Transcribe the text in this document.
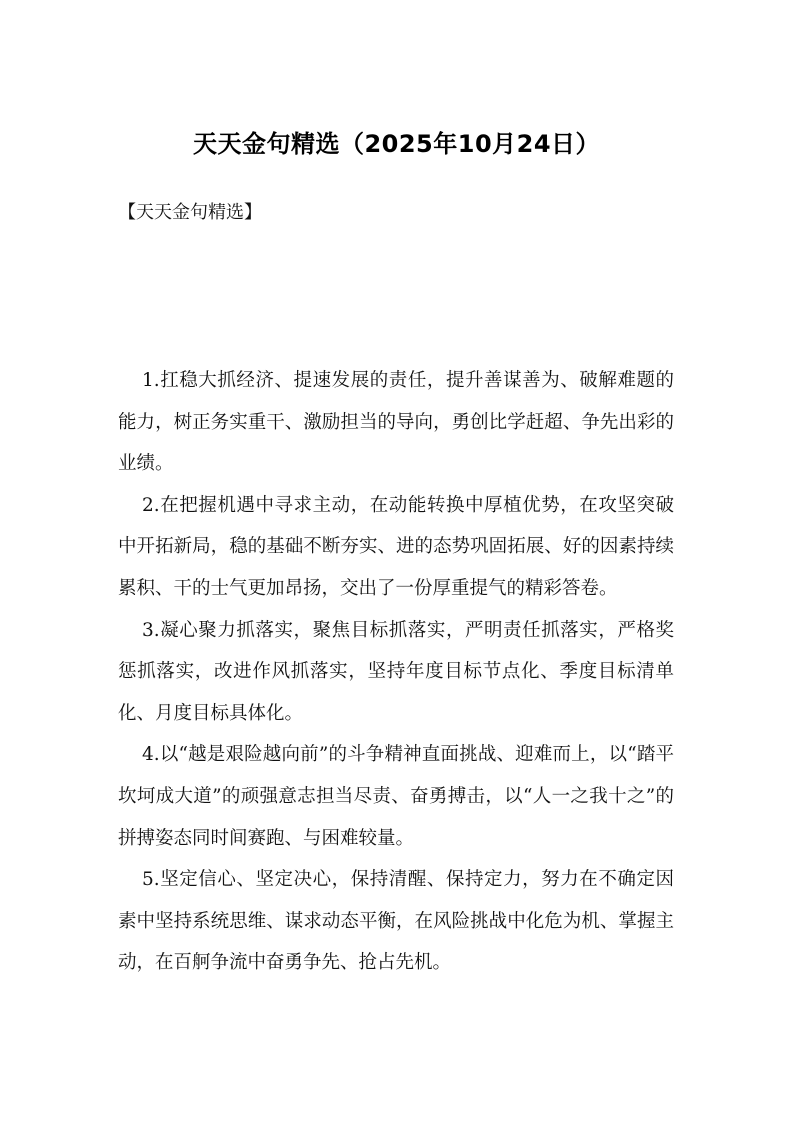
天天金句精选（2025年10月24日）
【天天金句精选】

1.扛稳大抓经济、提速发展的责任，提升善谋善为、破解难题的能力，树正务实重干、激励担当的导向，勇创比学赶超、争先出彩的业绩。

2.在把握机遇中寻求主动，在动能转换中厚植优势，在攻坚突破中开拓新局，稳的基础不断夯实、进的态势巩固拓展、好的因素持续累积、干的士气更加昂扬，交出了一份厚重提气的精彩答卷。

3.凝心聚力抓落实，聚焦目标抓落实，严明责任抓落实，严格奖惩抓落实，改进作风抓落实，坚持年度目标节点化、季度目标清单化、月度目标具体化。

4.以“越是艰险越向前”的斗争精神直面挑战、迎难而上，以“踏平坎坷成大道”的顽强意志担当尽责、奋勇搏击，以“人一之我十之”的拼搏姿态同时间赛跑、与困难较量。

5.坚定信心、坚定决心，保持清醒、保持定力，努力在不确定因素中坚持系统思维、谋求动态平衡，在风险挑战中化危为机、掌握主动，在百舸争流中奋勇争先、抢占先机。
